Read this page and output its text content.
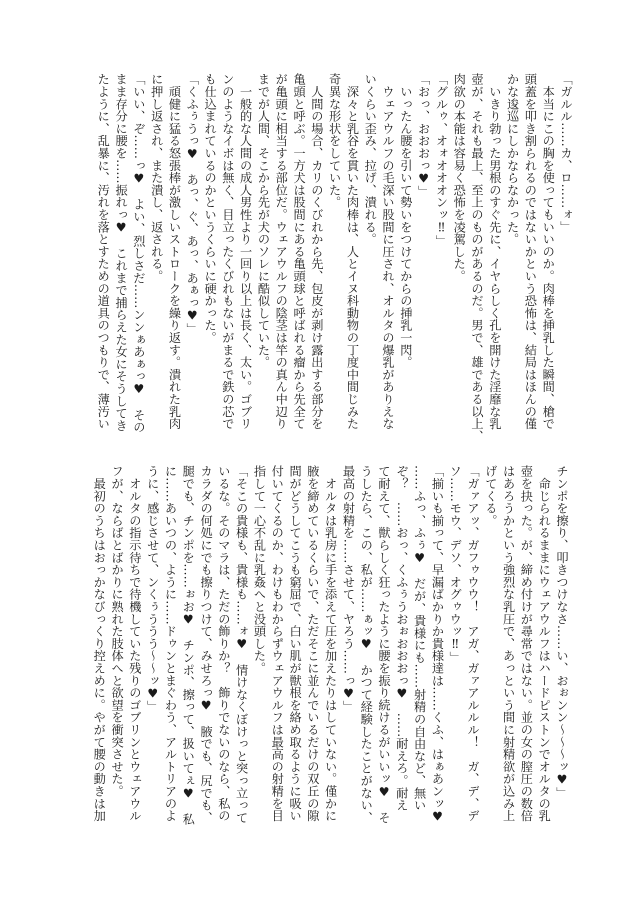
「ガルル……カ、ロ……ォ」
　本当にこの胸を使ってもいいのか。肉棒を挿乳した瞬間、槍で
頭蓋を叩き割られるのではないかという恐怖は、結局はほんの僅
かな逡巡にしかならなかった。
　いきり勃った男根のすぐ先に、イヤらしく孔を開けた淫靡な乳
壺が、それも最上、至上のものがあるのだ。男で、雄である以上、
肉欲の本能は容易く恐怖を凌駕した。
「グルゥ、オォオオオンッ‼」
「おっ、おおおっ♥」
　いったん腰を引いて勢いをつけてからの挿乳一閃。
　ウェアウルフの毛深い股間に圧され、オルタの爆乳がありえな
いくらい歪み、拉げ、潰れる。
　深々と乳谷を貫いた肉棒は、人とイヌ科動物の丁度中間じみた
奇異な形状をしていた。
　人間の場合、カリのくびれから先、包皮が剥け露出する部分を
亀頭と呼ぶ。一方犬は股間にある亀頭球と呼ばれる瘤から先全て
が亀頭に相当する部位だ。ウェアウルフの陰茎は竿の真ん中辺り
までが人間、そこから先が犬のソレに酷似していた。
　一般的な人間の成人男性より一回り以上は長く、太い。ゴブリ
ンのようなイボは無く、目立ったくびれもないがまるで鉄の芯で
も仕込まれているのかというくらいに硬かった。
「くふぅうっ♥　あっ、ぐ、あっ、あぁっ♥」
　頑健に猛る怒張棒が激しいストロークを繰り返す。潰れた乳肉
に押し返され、また潰し、返される。
「いい、ぞ……っ♥　よい、烈しさだ……ンンぁあぁっ♥　その
まま存分に腰を……振れっ♥　これまで捕らえた女にそうしてき
たように、乱暴に、汚れを落とすための道具のつもりで、薄汚い
チンポを擦り、叩きつけなさ……い、おぉンン〜〜〜ッ♥」
　命じられるままにウェアウルフはハードピストンでオルタの乳
壺を抉った。が、締め付けが尋常ではない。並の女の膣圧の数倍
はあろうかという強烈な乳圧で、あっという間に射精欲が込み上
げてくる。
「ガァアッ、ガフゥウウ！　アガ、ガァアルルル！　ガ、デ、デ
ソ……モウ、デソ、オグゥウッ‼」
「揃いも揃って、早漏ばかりか貴様達は……くふ、はぁあンッ♥
……ふっ、ふぅ♥　だが、貴様にも……射精の自由など、無い
ぞ？　……おっ、くふぅうおぉおおおっ♥　……耐えろ。耐え
て耐えて、獣らしく狂ったように腰を振り続けるがいいッ♥　そ
うしたら、この、私が……ぁッ♥　かつて経験したことがない、
最高の射精を……させて、ヤろう……っ♥」
　オルタは乳房に手を添えて圧を加えたりはしていない。僅かに
腋を締めているくらいで、ただそこに並んでいるだけの双丘の隙
間がどうしてこうも窮屈で、白い肌が獣根を絡め取るように吸い
付いてくるのか、わけもわからずウェアウルフは最高の射精を目
指して一心不乱に乳姦へと没頭した。
「そこの貴様も、貴様も……ォ♥　情けなくぼけっと突っ立って
いるな。そのマラは、ただの飾りか？　飾りでないのなら、私の
カラダの何処にでも擦りつけて、みせろっ♥　腋でも、尻でも、
腿でも、チンポを……ぉお♥　チンポ、擦って、扱いてぇ♥　私
に……あいつの、ように……ドゥンとまぐわう、アルトリアのよ
うに、感じさせて、ンくぅううう〜〜ッ♥」
　オルタの指示待ちで待機していた残りのゴブリンとウェアウル
フが、ならばとばかりに熟れた肢体へと欲望を衝突させた。
　最初のうちはおっかなびっくり控えめに。やがて腰の動きは加
